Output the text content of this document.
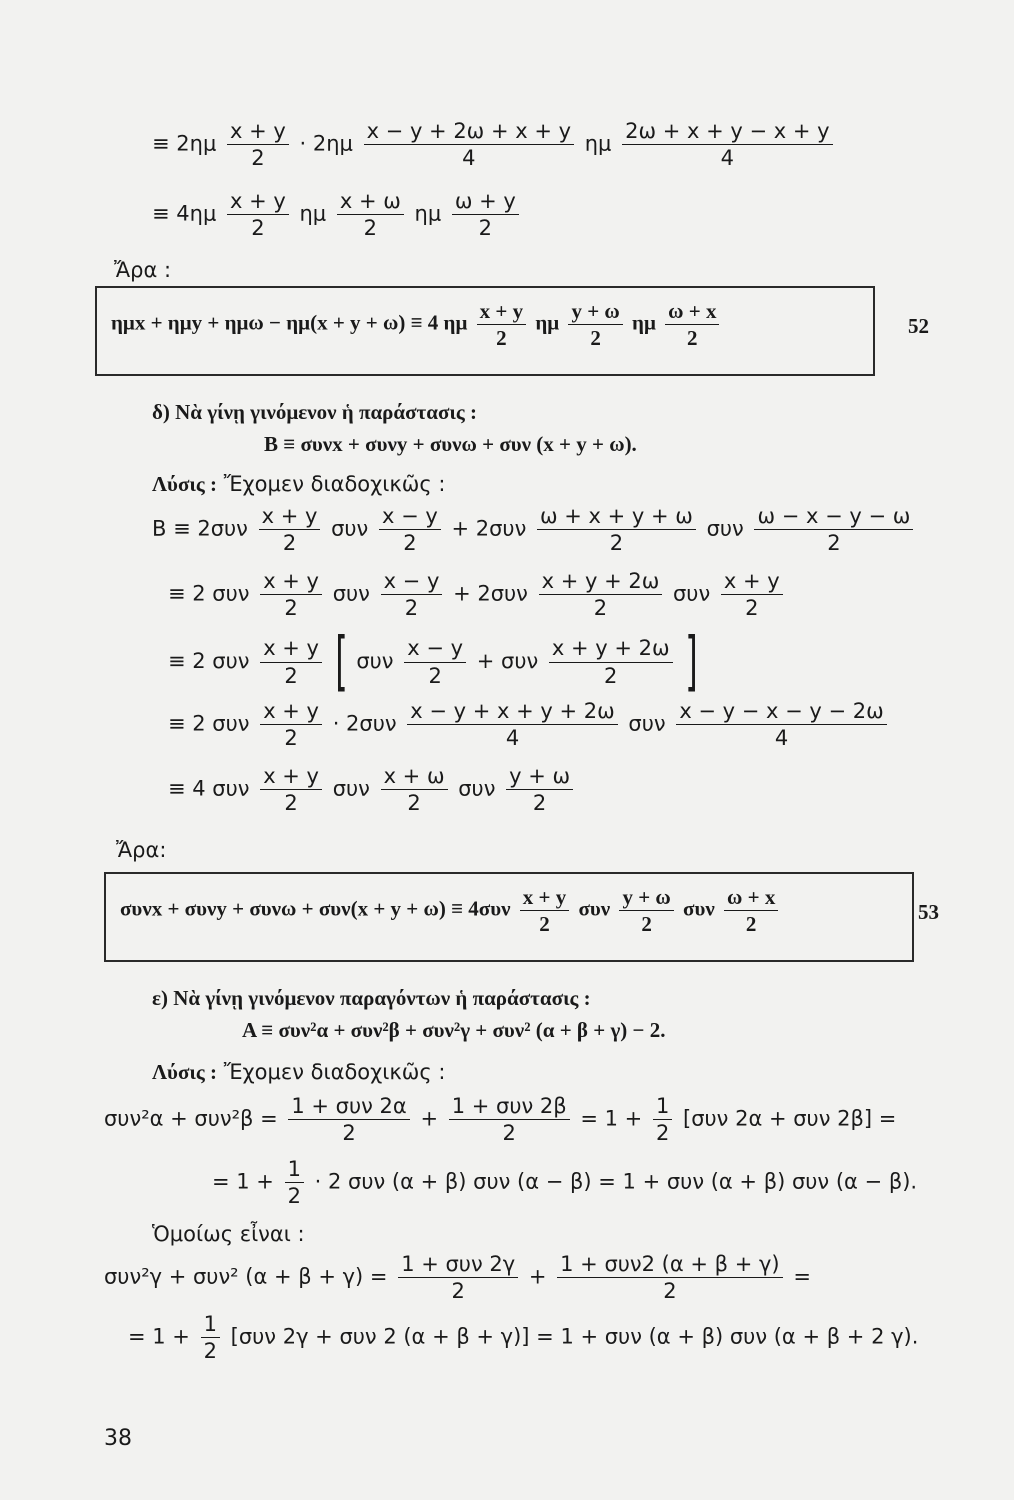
≡ $2\eta\mu \frac{x + y}{2} \cdot 2\eta\mu \frac{x - y + 2\omega + x + y}{4}$ ημ $\frac{2\omega + x + y - x + y}{4}$
≡ $4\eta\mu \frac{x + y}{2}$ ημ $\frac{x + \omega}{2}$ ημ $\frac{\omega + y}{2}$
Ἄρα :
ημx + ημy + ημω − ημ(x + y + ω) ≡ 4 ημ $\frac{x + y}{2}$ ημ $\frac{y + \omega}{2}$ ημ $\frac{\omega + x}{2}$	52
δ) Νὰ γίνῃ γινόμενον ἡ παράστασις :
Β ≡ συνx + συνy + συνω + συν (x + y + ω).
Λύσις : Ἔχομεν διαδοχικῶς :
$B \equiv 2\sigma\upsilon\nu \frac{x + y}{2}$ συν $\frac{x - y}{2} + 2\sigma\upsilon\nu \frac{\omega + x + y + \omega}{2}$ συν $\frac{\omega - x - y - \omega}{2}$
≡ 2 συν $\frac{x + y}{2}$ συν $\frac{x - y}{2} + 2\sigma\upsilon\nu \frac{x + y + 2\omega}{2}$ συν $\frac{x + y}{2}$
≡ 2 συν $\frac{x + y}{2}$ [ συν $\frac{x - y}{2} + \sigma\upsilon\nu \frac{x + y + 2\omega}{2}$ ]
≡ 2 συν $\frac{x + y}{2} \cdot 2\sigma\upsilon\nu \frac{x - y + x + y + 2\omega}{4}$ συν $\frac{x - y - x - y - 2\omega}{4}$
≡ 4 συν $\frac{x + y}{2}$ συν $\frac{x + \omega}{2}$ συν $\frac{y + \omega}{2}$
Ἄρα:
$\sigma\upsilon\nu x + \sigma\upsilon\nu y + \sigma\upsilon\nu\omega + \sigma\upsilon\nu(x + y + \omega) \equiv 4\sigma\upsilon\nu \frac{x + y}{2}$ συν $\frac{y + \omega}{2}$ συν $\frac{\omega + x}{2}$	53
ε) Νὰ γίνῃ γινόμενον παραγόντων ἡ παράστασις :
Α ≡ συν²α + συν²β + συν²γ + συν² (α + β + γ) − 2.
Λύσις : Ἔχομεν διαδοχικῶς :
$\sigma\upsilon\nu^2\alpha + \sigma\upsilon\nu^2\beta = \frac{\text{1 + συν 2α}}{2} + \frac{\text{1 + συν 2β}}{2} = 1 + \frac{1}{2} [\sigma\upsilon\nu$ 2α + συν 2β] =
= $1 + \frac{1}{2} \cdot 2$ συν (α + β) συν (α − β) = 1 + συν (α + β) συν (α − β).
Ὁμοίως εἶναι :
συν²γ + συν² $(\alpha + \beta + \gamma) = \frac{\text{1 + συν 2γ}}{2} + \frac{\text{1 + συν2 (α + β + γ)}}{2}$ =
= $1 + \frac{1}{2} [\sigma\upsilon\nu$ 2γ + συν 2 (α + β + γ)] = 1 + συν (α + β) συν (α + β + 2 γ).
38
